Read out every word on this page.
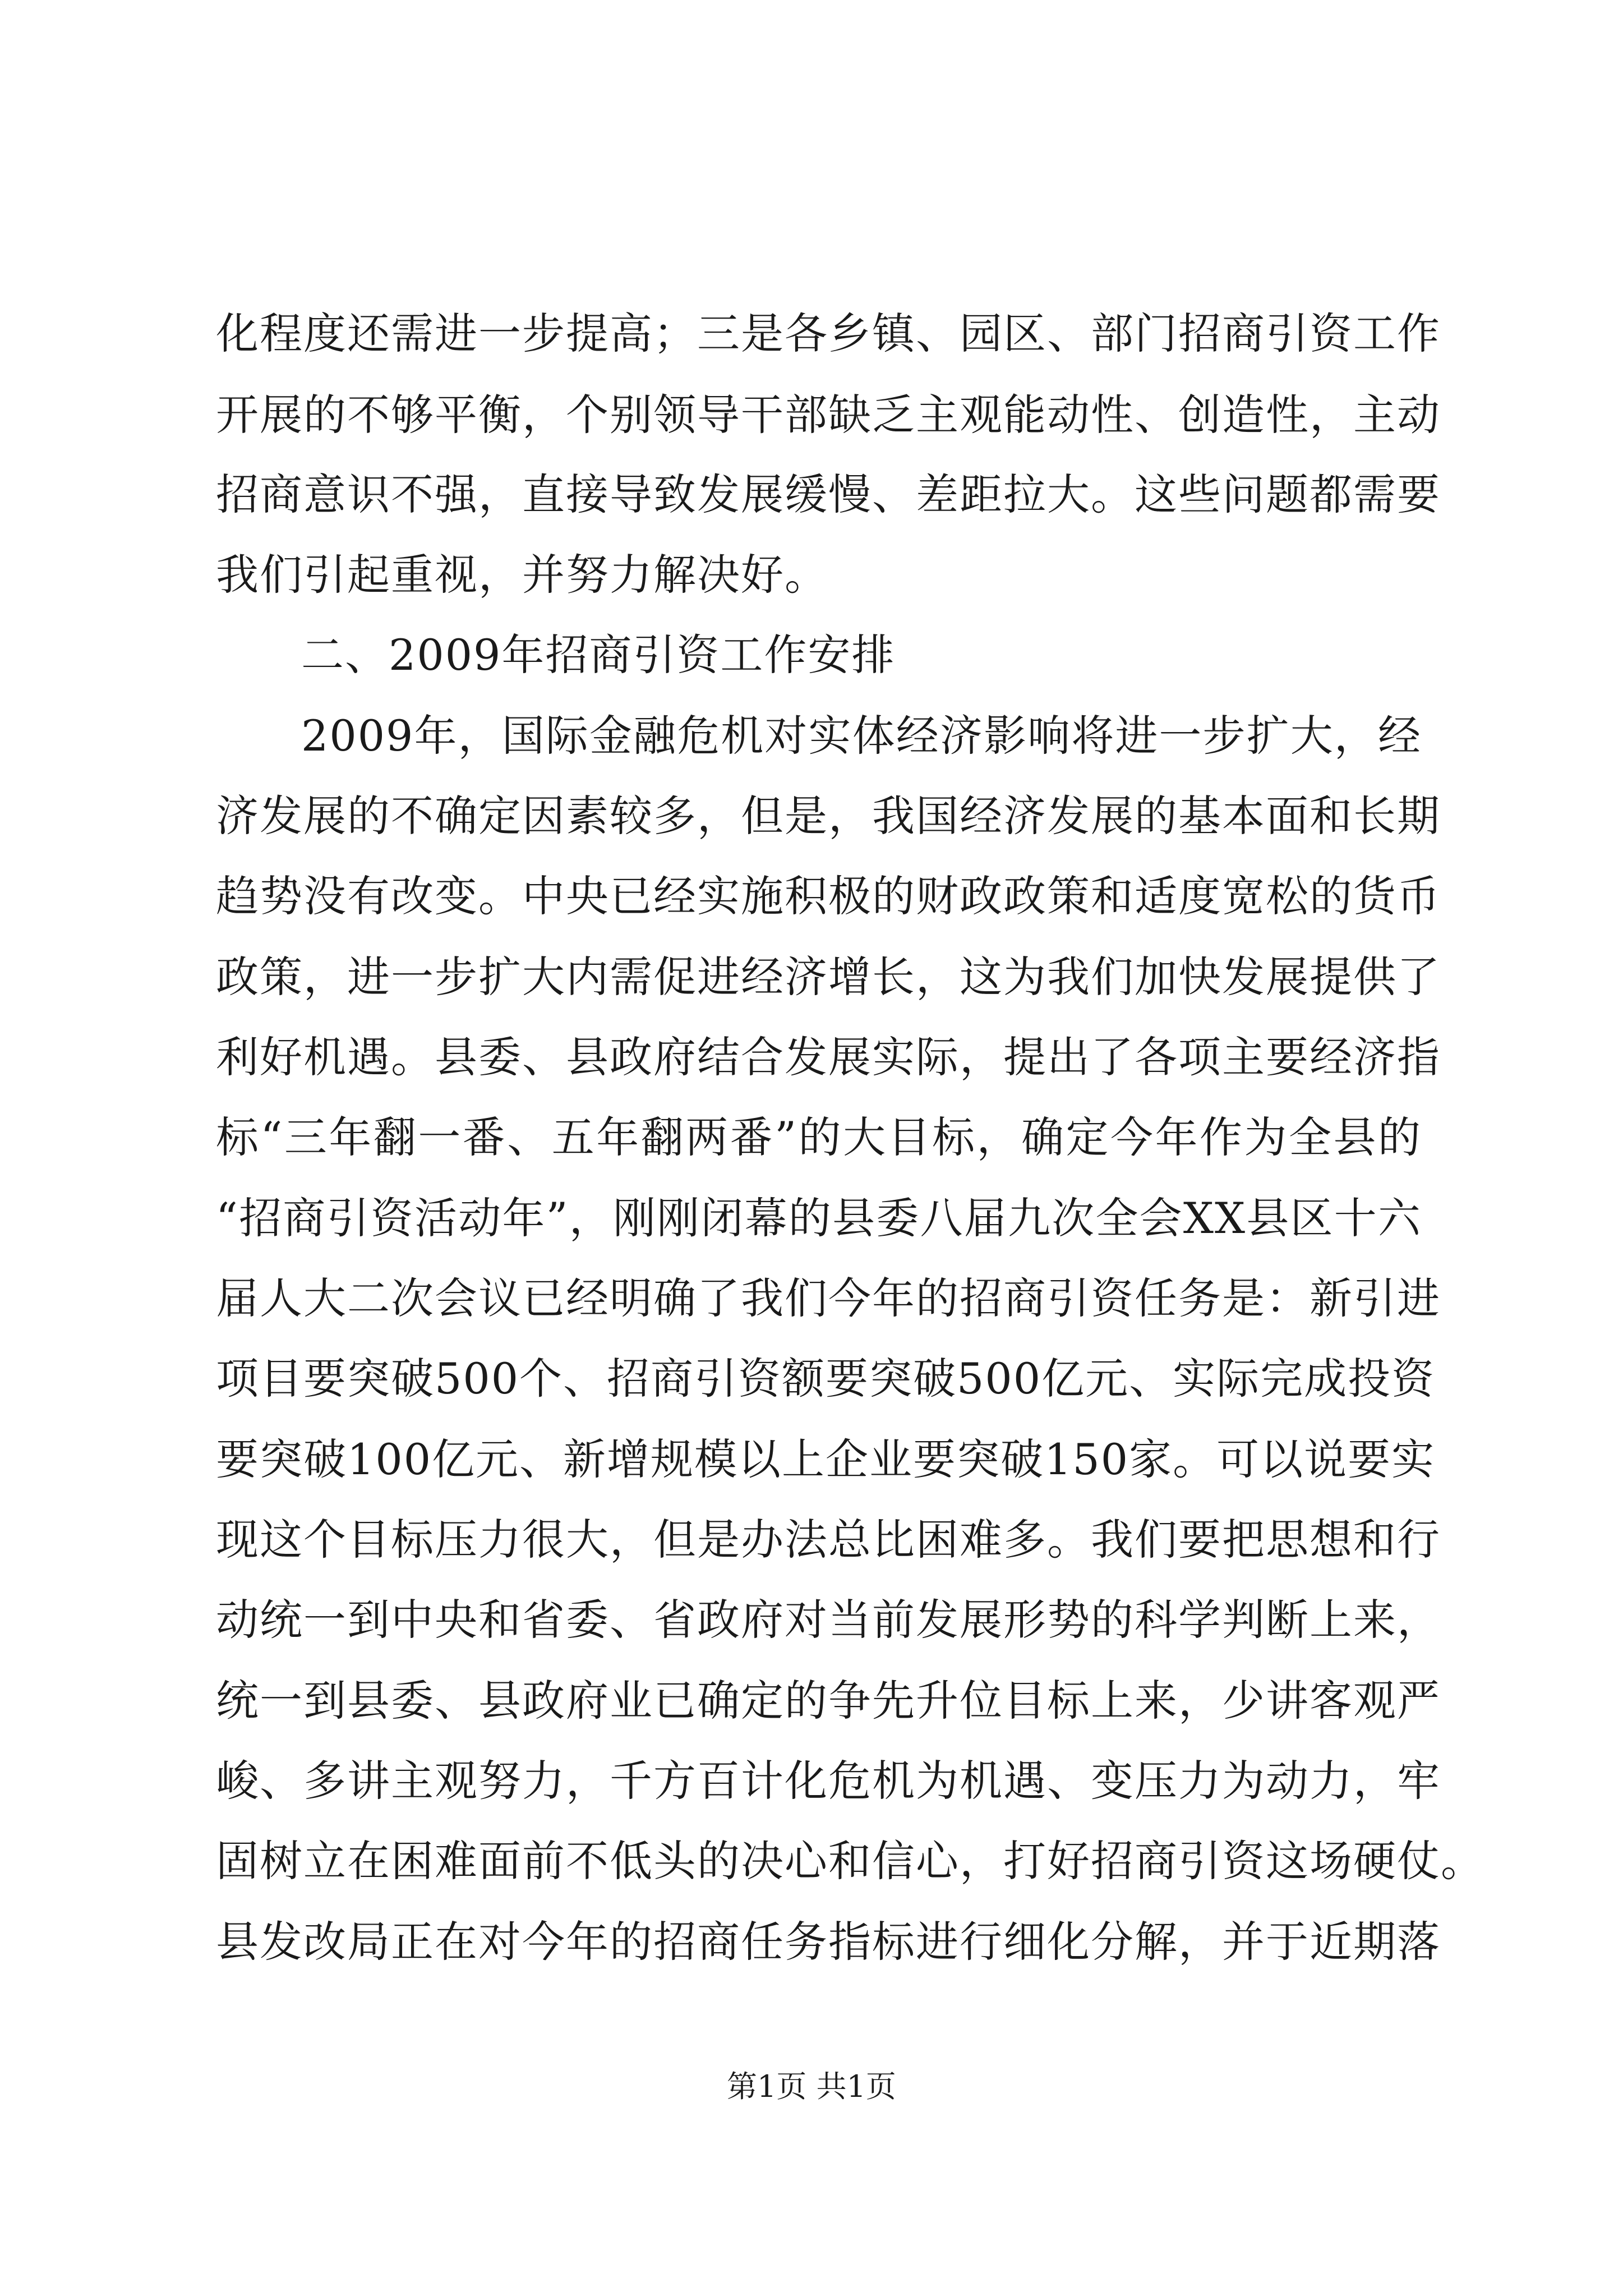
化程度还需进一步提高；三是各乡镇、园区、部门招商引资工作
开展的不够平衡，个别领导干部缺乏主观能动性、创造性，主动
招商意识不强，直接导致发展缓慢、差距拉大。这些问题都需要
我们引起重视，并努力解决好。
二、2009年招商引资工作安排
2009年，国际金融危机对实体经济影响将进一步扩大，经
济发展的不确定因素较多，但是，我国经济发展的基本面和长期
趋势没有改变。中央已经实施积极的财政政策和适度宽松的货币
政策，进一步扩大内需促进经济增长，这为我们加快发展提供了
利好机遇。县委、县政府结合发展实际，提出了各项主要经济指
标“三年翻一番、五年翻两番”的大目标，确定今年作为全县的
“招商引资活动年”，刚刚闭幕的县委八届九次全会XX县区十六
届人大二次会议已经明确了我们今年的招商引资任务是：新引进
项目要突破500个、招商引资额要突破500亿元、实际完成投资
要突破100亿元、新增规模以上企业要突破150家。可以说要实
现这个目标压力很大，但是办法总比困难多。我们要把思想和行
动统一到中央和省委、省政府对当前发展形势的科学判断上来，
统一到县委、县政府业已确定的争先升位目标上来，少讲客观严
峻、多讲主观努力，千方百计化危机为机遇、变压力为动力，牢
固树立在困难面前不低头的决心和信心，打好招商引资这场硬仗。
县发改局正在对今年的招商任务指标进行细化分解，并于近期落
第1页 共1页
